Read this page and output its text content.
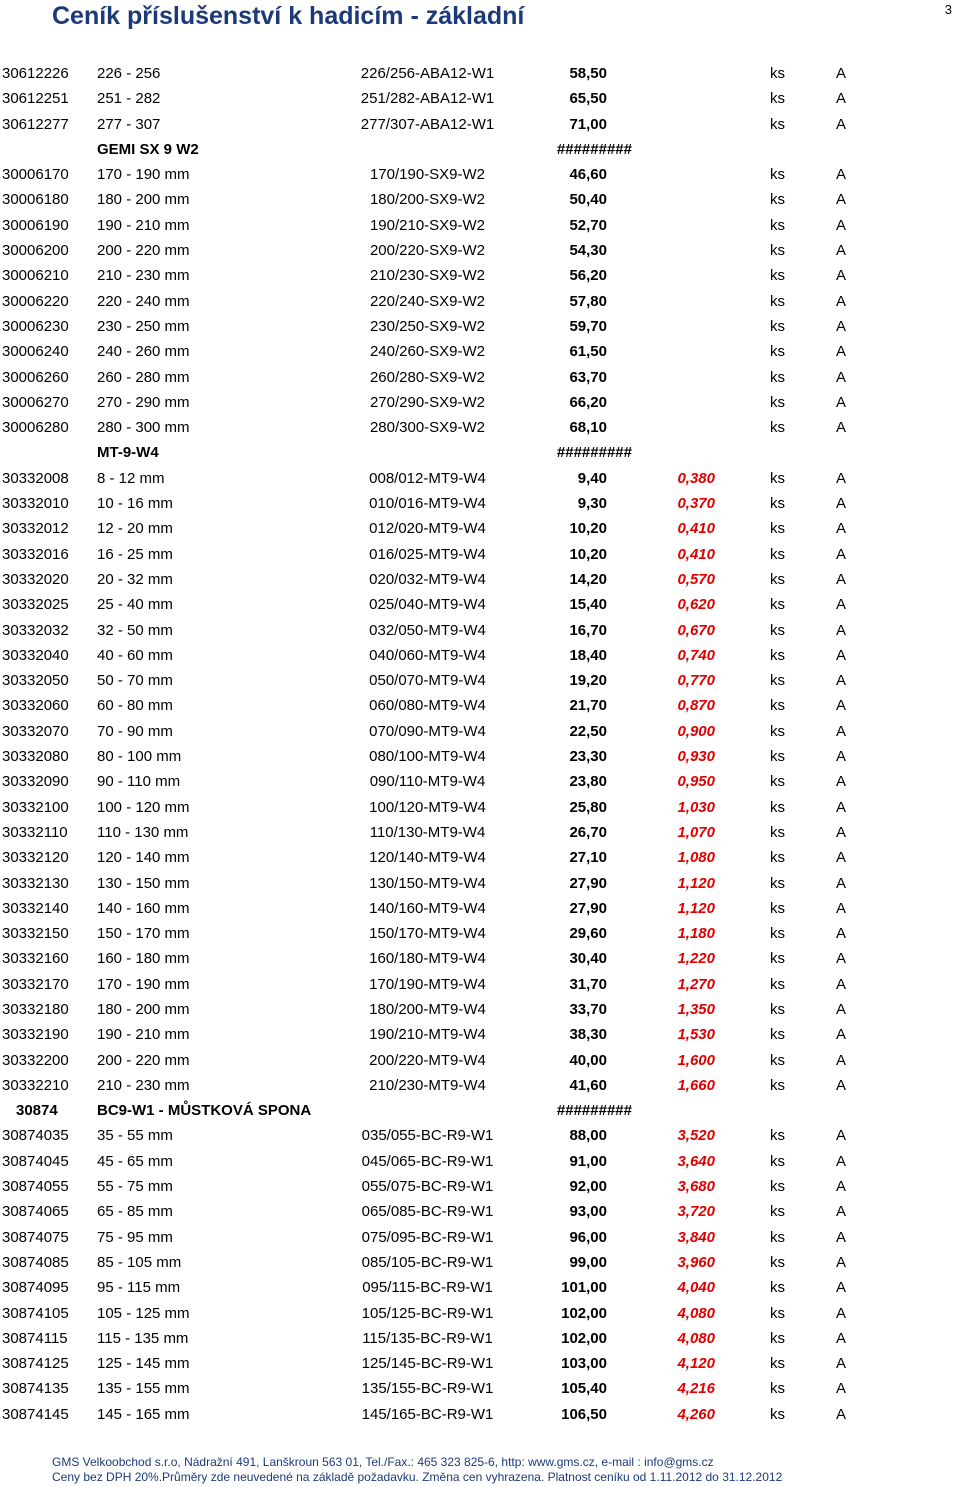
Ceník příslušenství k hadicím - základní	3
30612226 226 - 256	226/256-ABA12-W1	58,50	ks	A
30612251 251 - 282	251/282-ABA12-W1	65,50	ks	A
30612277 277 - 307	277/307-ABA12-W1	71,00	ks	A
GEMI SX 9 W2	#########
30006170 170 - 190 mm	170/190-SX9-W2	46,60	ks	A
30006180 180 - 200 mm	180/200-SX9-W2	50,40	ks	A
30006190 190 - 210 mm	190/210-SX9-W2	52,70	ks	A
30006200 200 - 220 mm	200/220-SX9-W2	54,30	ks	A
30006210 210 - 230 mm	210/230-SX9-W2	56,20	ks	A
30006220 220 - 240 mm	220/240-SX9-W2	57,80	ks	A
30006230 230 - 250 mm	230/250-SX9-W2	59,70	ks	A
30006240 240 - 260 mm	240/260-SX9-W2	61,50	ks	A
30006260 260 - 280 mm	260/280-SX9-W2	63,70	ks	A
30006270 270 - 290 mm	270/290-SX9-W2	66,20	ks	A
30006280 280 - 300 mm	280/300-SX9-W2	68,10	ks	A
MT-9-W4	#########
30332008 8 - 12 mm	008/012-MT9-W4	9,40	0,380	ks	A
30332010 10 - 16 mm	010/016-MT9-W4	9,30	0,370	ks	A
30332012 12 - 20 mm	012/020-MT9-W4	10,20	0,410	ks	A
30332016 16 - 25 mm	016/025-MT9-W4	10,20	0,410	ks	A
30332020 20 - 32 mm	020/032-MT9-W4	14,20	0,570	ks	A
30332025 25 - 40 mm	025/040-MT9-W4	15,40	0,620	ks	A
30332032 32 - 50 mm	032/050-MT9-W4	16,70	0,670	ks	A
30332040 40 - 60 mm	040/060-MT9-W4	18,40	0,740	ks	A
30332050 50 - 70 mm	050/070-MT9-W4	19,20	0,770	ks	A
30332060 60 - 80 mm	060/080-MT9-W4	21,70	0,870	ks	A
30332070 70 - 90 mm	070/090-MT9-W4	22,50	0,900	ks	A
30332080 80 - 100 mm	080/100-MT9-W4	23,30	0,930	ks	A
30332090 90 - 110 mm	090/110-MT9-W4	23,80	0,950	ks	A
30332100 100 - 120 mm	100/120-MT9-W4	25,80	1,030	ks	A
30332110 110 - 130 mm	110/130-MT9-W4	26,70	1,070	ks	A
30332120 120 - 140 mm	120/140-MT9-W4	27,10	1,080	ks	A
30332130 130 - 150 mm	130/150-MT9-W4	27,90	1,120	ks	A
30332140 140 - 160 mm	140/160-MT9-W4	27,90	1,120	ks	A
30332150 150 - 170 mm	150/170-MT9-W4	29,60	1,180	ks	A
30332160 160 - 180 mm	160/180-MT9-W4	30,40	1,220	ks	A
30332170 170 - 190 mm	170/190-MT9-W4	31,70	1,270	ks	A
30332180 180 - 200 mm	180/200-MT9-W4	33,70	1,350	ks	A
30332190 190 - 210 mm	190/210-MT9-W4	38,30	1,530	ks	A
30332200 200 - 220 mm	200/220-MT9-W4	40,00	1,600	ks	A
30332210 210 - 230 mm	210/230-MT9-W4	41,60	1,660	ks	A
30874	BC9-W1 - MŮSTKOVÁ SPONA	#########
30874035 35 - 55 mm	035/055-BC-R9-W1	88,00	3,520	ks	A
30874045 45 - 65 mm	045/065-BC-R9-W1	91,00	3,640	ks	A
30874055 55 - 75 mm	055/075-BC-R9-W1	92,00	3,680	ks	A
30874065 65 - 85 mm	065/085-BC-R9-W1	93,00	3,720	ks	A
30874075 75 - 95 mm	075/095-BC-R9-W1	96,00	3,840	ks	A
30874085 85 - 105 mm	085/105-BC-R9-W1	99,00	3,960	ks	A
30874095 95 - 115 mm	095/115-BC-R9-W1	101,00	4,040	ks	A
30874105 105 - 125 mm	105/125-BC-R9-W1	102,00	4,080	ks	A
30874115 115 - 135 mm	115/135-BC-R9-W1	102,00	4,080	ks	A
30874125 125 - 145 mm	125/145-BC-R9-W1	103,00	4,120	ks	A
30874135 135 - 155 mm	135/155-BC-R9-W1	105,40	4,216	ks	A
30874145 145 - 165 mm	145/165-BC-R9-W1	106,50	4,260	ks	A
GMS Velkoobchod s.r.o, Nádražní 491, Lanškroun 563 01, Tel./Fax.: 465 323 825-6, http: www.gms.cz, e-mail : info@gms.cz
Ceny bez DPH 20%.Průměry zde neuvedené na základě požadavku. Změna cen vyhrazena. Platnost ceníku od 1.11.2012 do 31.12.2012
